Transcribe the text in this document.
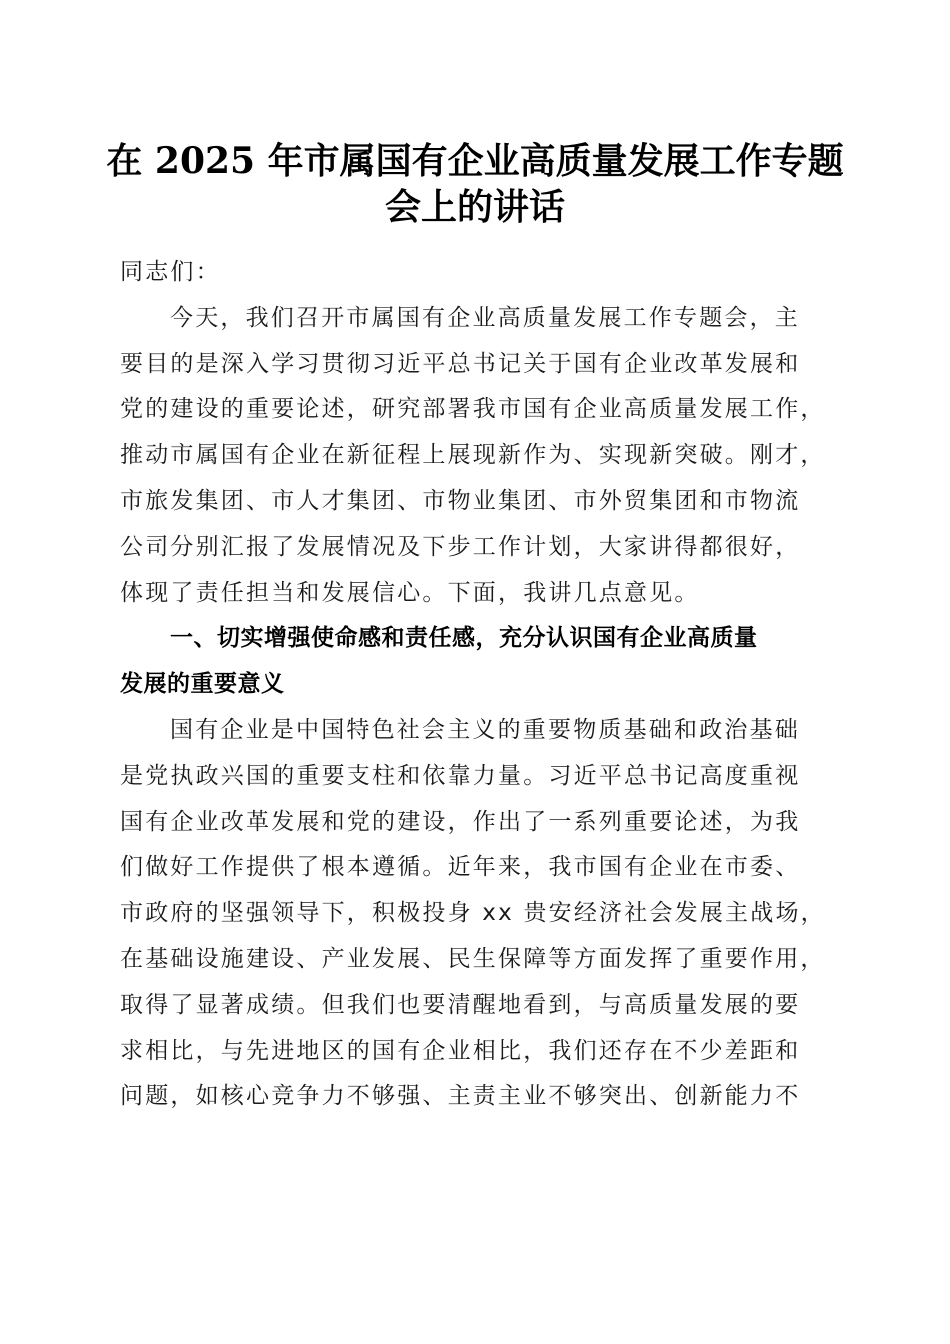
在 2025 年市属国有企业高质量发展工作专题
会上的讲话
同志们：
今天，我们召开市属国有企业高质量发展工作专题会，主
要目的是深入学习贯彻习近平总书记关于国有企业改革发展和
党的建设的重要论述，研究部署我市国有企业高质量发展工作，
推动市属国有企业在新征程上展现新作为、实现新突破。刚才，
市旅发集团、市人才集团、市物业集团、市外贸集团和市物流
公司分别汇报了发展情况及下步工作计划，大家讲得都很好，
体现了责任担当和发展信心。下面，我讲几点意见。
一、切实增强使命感和责任感，充分认识国有企业高质量
发展的重要意义
国有企业是中国特色社会主义的重要物质基础和政治基础
是党执政兴国的重要支柱和依靠力量。习近平总书记高度重视
国有企业改革发展和党的建设，作出了一系列重要论述，为我
们做好工作提供了根本遵循。近年来，我市国有企业在市委、
市政府的坚强领导下，积极投身 xx 贵安经济社会发展主战场，
在基础设施建设、产业发展、民生保障等方面发挥了重要作用，
取得了显著成绩。但我们也要清醒地看到，与高质量发展的要
求相比，与先进地区的国有企业相比，我们还存在不少差距和
问题，如核心竞争力不够强、主责主业不够突出、创新能力不
